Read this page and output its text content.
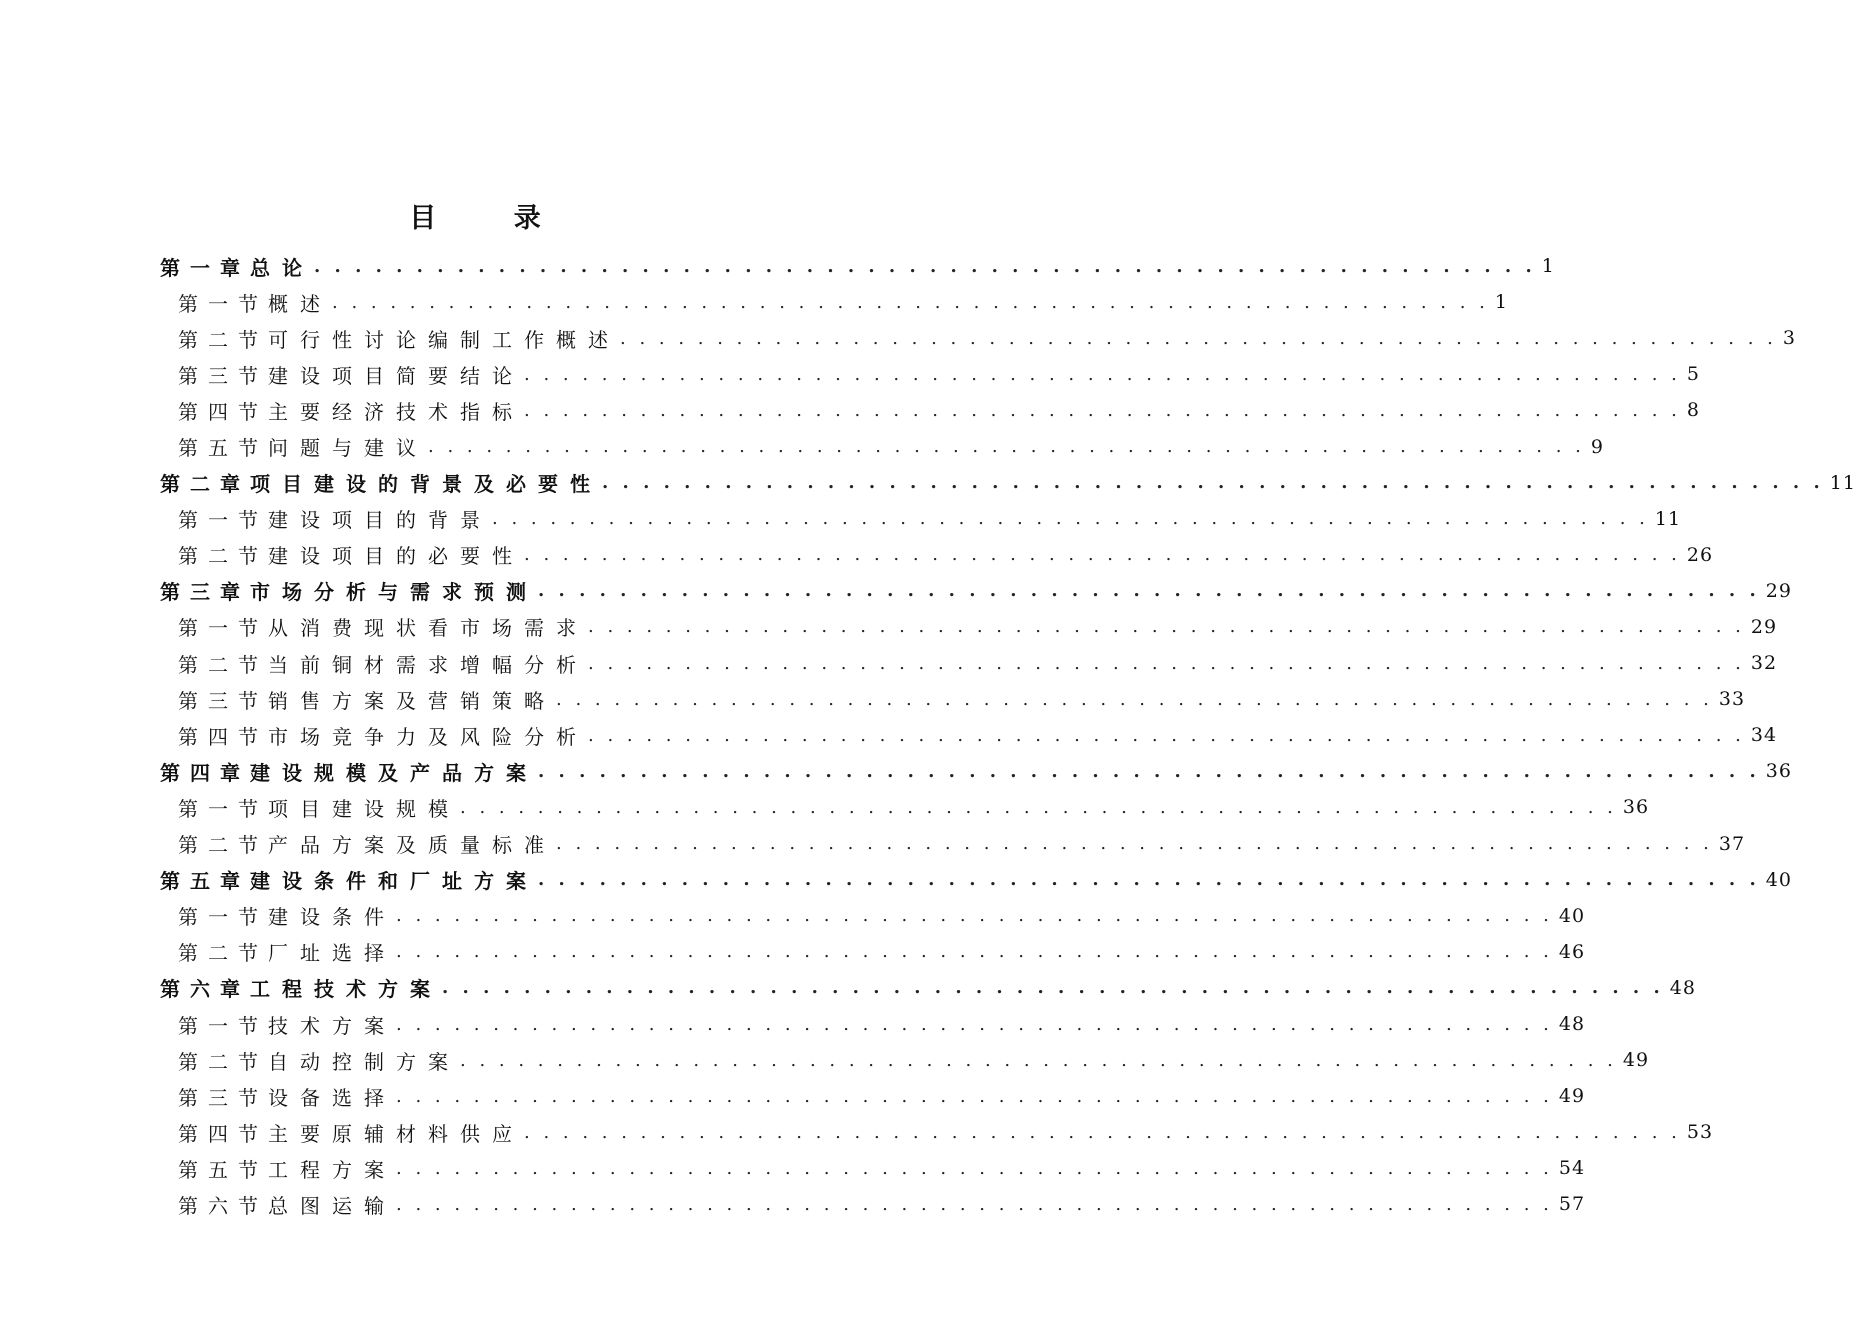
目 录
第一章 总论 . . . . . . . . . . . . . . . . . . . . . . . . . . . . . . . . . . . . . . . . . . . . . . . . . . . . . . . . . . . . 1
第一节 概述 . . . . . . . . . . . . . . . . . . . . . . . . . . . . . . . . . . . . . . . . . . . . . . . . . . . . . . . . . . . . 1
第二节 可行性讨论编制工作概述 . . . . . . . . . . . . . . . . . . . . . . . . . . . . . . . . . . . . . . . . . . . . . . . . . . . . . . . . . . . . 3
第三节 建设项目简要结论 . . . . . . . . . . . . . . . . . . . . . . . . . . . . . . . . . . . . . . . . . . . . . . . . . . . . . . . . . . . . 5
第四节 主要经济技术指标 . . . . . . . . . . . . . . . . . . . . . . . . . . . . . . . . . . . . . . . . . . . . . . . . . . . . . . . . . . . . 8
第五节 问题与建议 . . . . . . . . . . . . . . . . . . . . . . . . . . . . . . . . . . . . . . . . . . . . . . . . . . . . . . . . . . . . 9
第二章 项目建设的背景及必要性 . . . . . . . . . . . . . . . . . . . . . . . . . . . . . . . . . . . . . . . . . . . . . . . . . . . . . . . . . . . . 11
第一节 建设项目的背景 . . . . . . . . . . . . . . . . . . . . . . . . . . . . . . . . . . . . . . . . . . . . . . . . . . . . . . . . . . . . 11
第二节 建设项目的必要性 . . . . . . . . . . . . . . . . . . . . . . . . . . . . . . . . . . . . . . . . . . . . . . . . . . . . . . . . . . . . 26
第三章 市场分析与需求预测 . . . . . . . . . . . . . . . . . . . . . . . . . . . . . . . . . . . . . . . . . . . . . . . . . . . . . . . . . . . . 29
第一节 从消费现状看市场需求 . . . . . . . . . . . . . . . . . . . . . . . . . . . . . . . . . . . . . . . . . . . . . . . . . . . . . . . . . . . . 29
第二节 当前铜材需求增幅分析 . . . . . . . . . . . . . . . . . . . . . . . . . . . . . . . . . . . . . . . . . . . . . . . . . . . . . . . . . . . . 32
第三节 销售方案及营销策略 . . . . . . . . . . . . . . . . . . . . . . . . . . . . . . . . . . . . . . . . . . . . . . . . . . . . . . . . . . . . 33
第四节 市场竞争力及风险分析 . . . . . . . . . . . . . . . . . . . . . . . . . . . . . . . . . . . . . . . . . . . . . . . . . . . . . . . . . . . . 34
第四章 建设规模及产品方案 . . . . . . . . . . . . . . . . . . . . . . . . . . . . . . . . . . . . . . . . . . . . . . . . . . . . . . . . . . . . 36
第一节 项目建设规模 . . . . . . . . . . . . . . . . . . . . . . . . . . . . . . . . . . . . . . . . . . . . . . . . . . . . . . . . . . . . 36
第二节 产品方案及质量标准 . . . . . . . . . . . . . . . . . . . . . . . . . . . . . . . . . . . . . . . . . . . . . . . . . . . . . . . . . . . . 37
第五章 建设条件和厂址方案 . . . . . . . . . . . . . . . . . . . . . . . . . . . . . . . . . . . . . . . . . . . . . . . . . . . . . . . . . . . . 40
第一节 建设条件 . . . . . . . . . . . . . . . . . . . . . . . . . . . . . . . . . . . . . . . . . . . . . . . . . . . . . . . . . . . . 40
第二节 厂址选择 . . . . . . . . . . . . . . . . . . . . . . . . . . . . . . . . . . . . . . . . . . . . . . . . . . . . . . . . . . . . 46
第六章 工程技术方案 . . . . . . . . . . . . . . . . . . . . . . . . . . . . . . . . . . . . . . . . . . . . . . . . . . . . . . . . . . . . 48
第一节 技术方案 . . . . . . . . . . . . . . . . . . . . . . . . . . . . . . . . . . . . . . . . . . . . . . . . . . . . . . . . . . . . 48
第二节 自动控制方案 . . . . . . . . . . . . . . . . . . . . . . . . . . . . . . . . . . . . . . . . . . . . . . . . . . . . . . . . . . . . 49
第三节 设备选择 . . . . . . . . . . . . . . . . . . . . . . . . . . . . . . . . . . . . . . . . . . . . . . . . . . . . . . . . . . . . 49
第四节 主要原辅材料供应 . . . . . . . . . . . . . . . . . . . . . . . . . . . . . . . . . . . . . . . . . . . . . . . . . . . . . . . . . . . . 53
第五节 工程方案 . . . . . . . . . . . . . . . . . . . . . . . . . . . . . . . . . . . . . . . . . . . . . . . . . . . . . . . . . . . . 54
第六节 总图运输 . . . . . . . . . . . . . . . . . . . . . . . . . . . . . . . . . . . . . . . . . . . . . . . . . . . . . . . . . . . . 57
